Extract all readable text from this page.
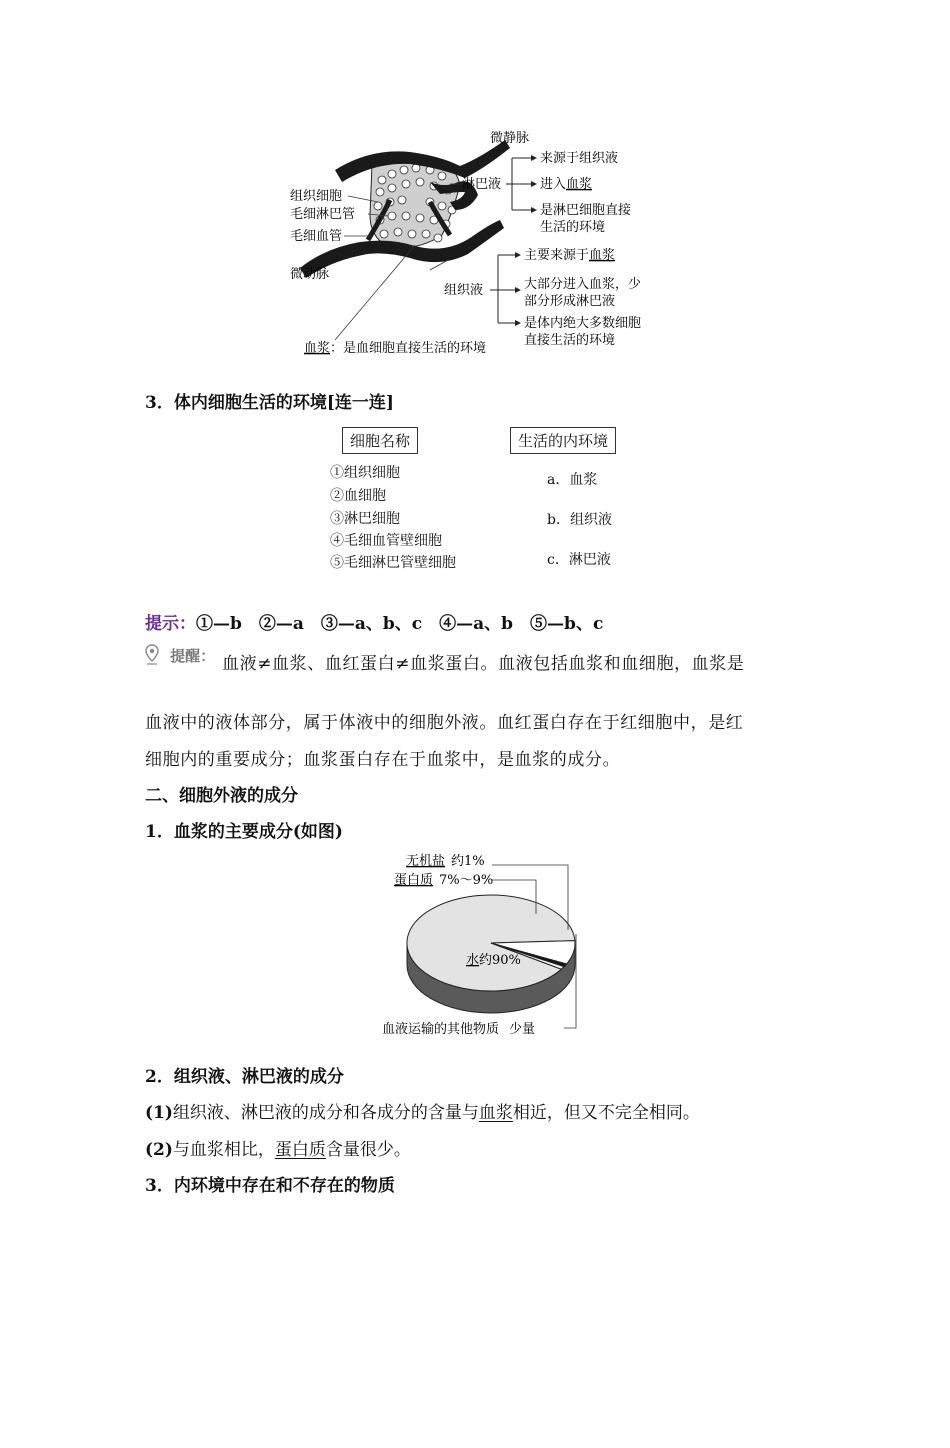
组织细胞
毛细淋巴管
毛细血管
微动脉
微静脉
淋巴液
来源于组织液
进入血浆
是淋巴细胞直接
生活的环境
组织液
主要来源于血浆
大部分进入血浆，少
部分形成淋巴液
是体内绝大多数细胞
直接生活的环境
血浆：是血细胞直接生活的环境
3．体内细胞生活的环境[连一连]
细胞名称	生活的内环境
①组织细胞
②血细胞
③淋巴细胞
④毛细血管壁细胞
⑤毛细淋巴管壁细胞
a．血浆
b．组织液
c．淋巴液
提示：①—b　②—a　③—a、b、c　④—a、b　⑤—b、c
提醒： 血液≠血浆、血红蛋白≠血浆蛋白。血液包括血浆和血细胞，血浆是
血液中的液体部分，属于体液中的细胞外液。血红蛋白存在于红细胞中，是红
细胞内的重要成分；血浆蛋白存在于血浆中，是血浆的成分。
二、细胞外液的成分
1．血浆的主要成分(如图)
无机盐 约1%
蛋白质 7%～9%
水约90%
血液运输的其他物质 少量
2．组织液、淋巴液的成分
(1)组织液、淋巴液的成分和各成分的含量与血浆相近，但又不完全相同。
(2)与血浆相比，蛋白质含量很少。
3．内环境中存在和不存在的物质
